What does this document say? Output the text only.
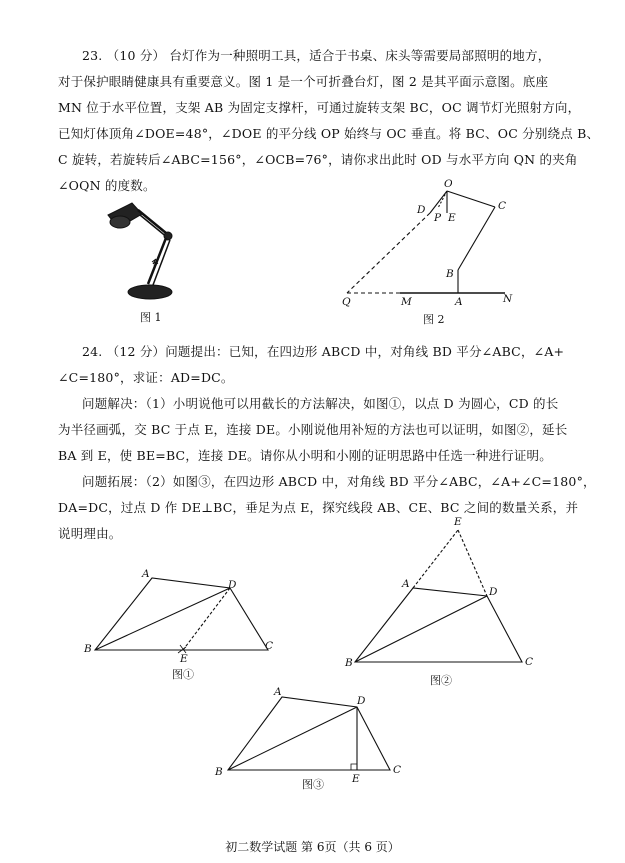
23. （10 分） 台灯作为一种照明工具，适合于书桌、床头等需要局部照明的地方，
对于保护眼睛健康具有重要意义。图 1 是一个可折叠台灯，图 2 是其平面示意图。底座
MN 位于水平位置，支架 AB 为固定支撑杆，可通过旋转支架 BC，OC 调节灯光照射方向，
已知灯体顶角∠DOE=48°，∠DOE 的平分线 OP 始终与 OC 垂直。将 BC、OC 分别绕点 B、
C 旋转，若旋转后∠ABC=156°，∠OCB=76°，请你求出此时 OD 与水平方向 QN 的夹角
∠OQN 的度数。
图 1
O
D
P E
C
B
Q	M	A	N
图 2
24. （12 分）问题提出：已知，在四边形 ABCD 中，对角线 BD 平分∠ABC，∠A+
∠C=180°，求证：AD=DC。
问题解决：（1）小明说他可以用截长的方法解决，如图①，以点 D 为圆心，CD 的长
为半径画弧，交 BC 于点 E，连接 DE。小刚说他用补短的方法也可以证明，如图②，延长
BA 到 E，使 BE=BC，连接 DE。请你从小明和小刚的证明思路中任选一种进行证明。
问题拓展：（2）如图③，在四边形 ABCD 中，对角线 BD 平分∠ABC，∠A+∠C=180°，
DA=DC，过点 D 作 DE⊥BC，垂足为点 E，探究线段 AB、CE、BC 之间的数量关系，并
说明理由。
A
D
B
E
C
图①
E
A
D
B	C
图②
A
D
B
E
C
图③
初二数学试题 第 6页（共 6 页）
